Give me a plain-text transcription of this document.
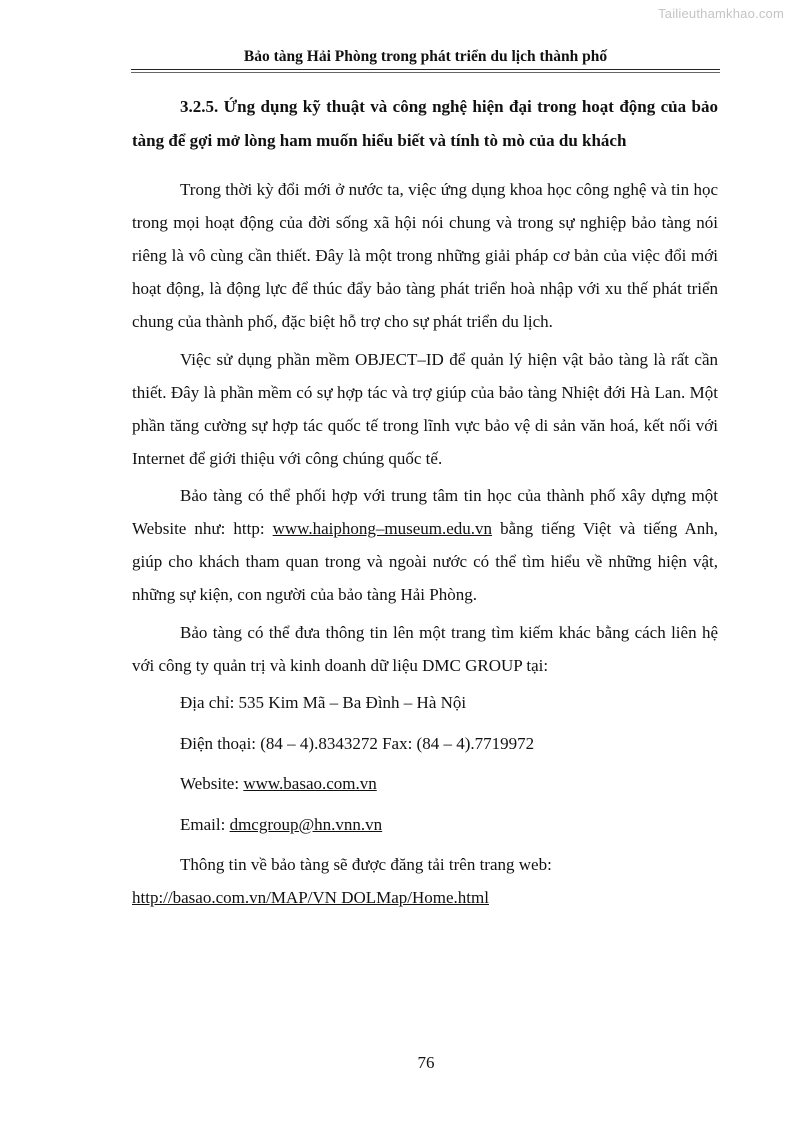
Tailieuthamkhao.com
Bảo tàng Hải Phòng trong phát triển du lịch thành phố

3.2.5. Ứng dụng kỹ thuật và công nghệ hiện đại trong hoạt động của bảo tàng để gợi mở lòng ham muốn hiểu biết và tính tò mò của du khách

Trong thời kỳ đổi mới ở nước ta, việc ứng dụng khoa học công nghệ và tin học trong mọi hoạt động của đời sống xã hội nói chung và trong sự nghiệp bảo tàng nói riêng là vô cùng cần thiết. Đây là một trong những giải pháp cơ bản của việc đổi mới hoạt động, là động lực để thúc đẩy bảo tàng phát triển hoà nhập với xu thế phát triển chung của thành phố, đặc biệt hỗ trợ cho sự phát triển du lịch.

Việc sử dụng phần mềm OBJECT–ID để quản lý hiện vật bảo tàng là rất cần thiết. Đây là phần mềm có sự hợp tác và trợ giúp của bảo tàng Nhiệt đới Hà Lan. Một phần tăng cường sự hợp tác quốc tế trong lĩnh vực bảo vệ di sản văn hoá, kết nối với Internet để giới thiệu với công chúng quốc tế.

Bảo tàng có thể phối hợp với trung tâm tin học của thành phố xây dựng một Website như: http: www.haiphong–museum.edu.vn bằng tiếng Việt và tiếng Anh, giúp cho khách tham quan trong và ngoài nước có thể tìm hiểu về những hiện vật, những sự kiện, con người của bảo tàng Hải Phòng.

Bảo tàng có thể đưa thông tin lên một trang tìm kiếm khác bằng cách liên hệ với công ty quản trị và kinh doanh dữ liệu DMC GROUP tại:

Địa chỉ: 535 Kim Mã – Ba Đình – Hà Nội

Điện thoại: (84 – 4).8343272 Fax: (84 – 4).7719972

Website: www.basao.com.vn

Email: dmcgroup@hn.vnn.vn

Thông tin về bảo tàng sẽ được đăng tải trên trang web:

http://basao.com.vn/MAP/VN DOLMap/Home.html

76
